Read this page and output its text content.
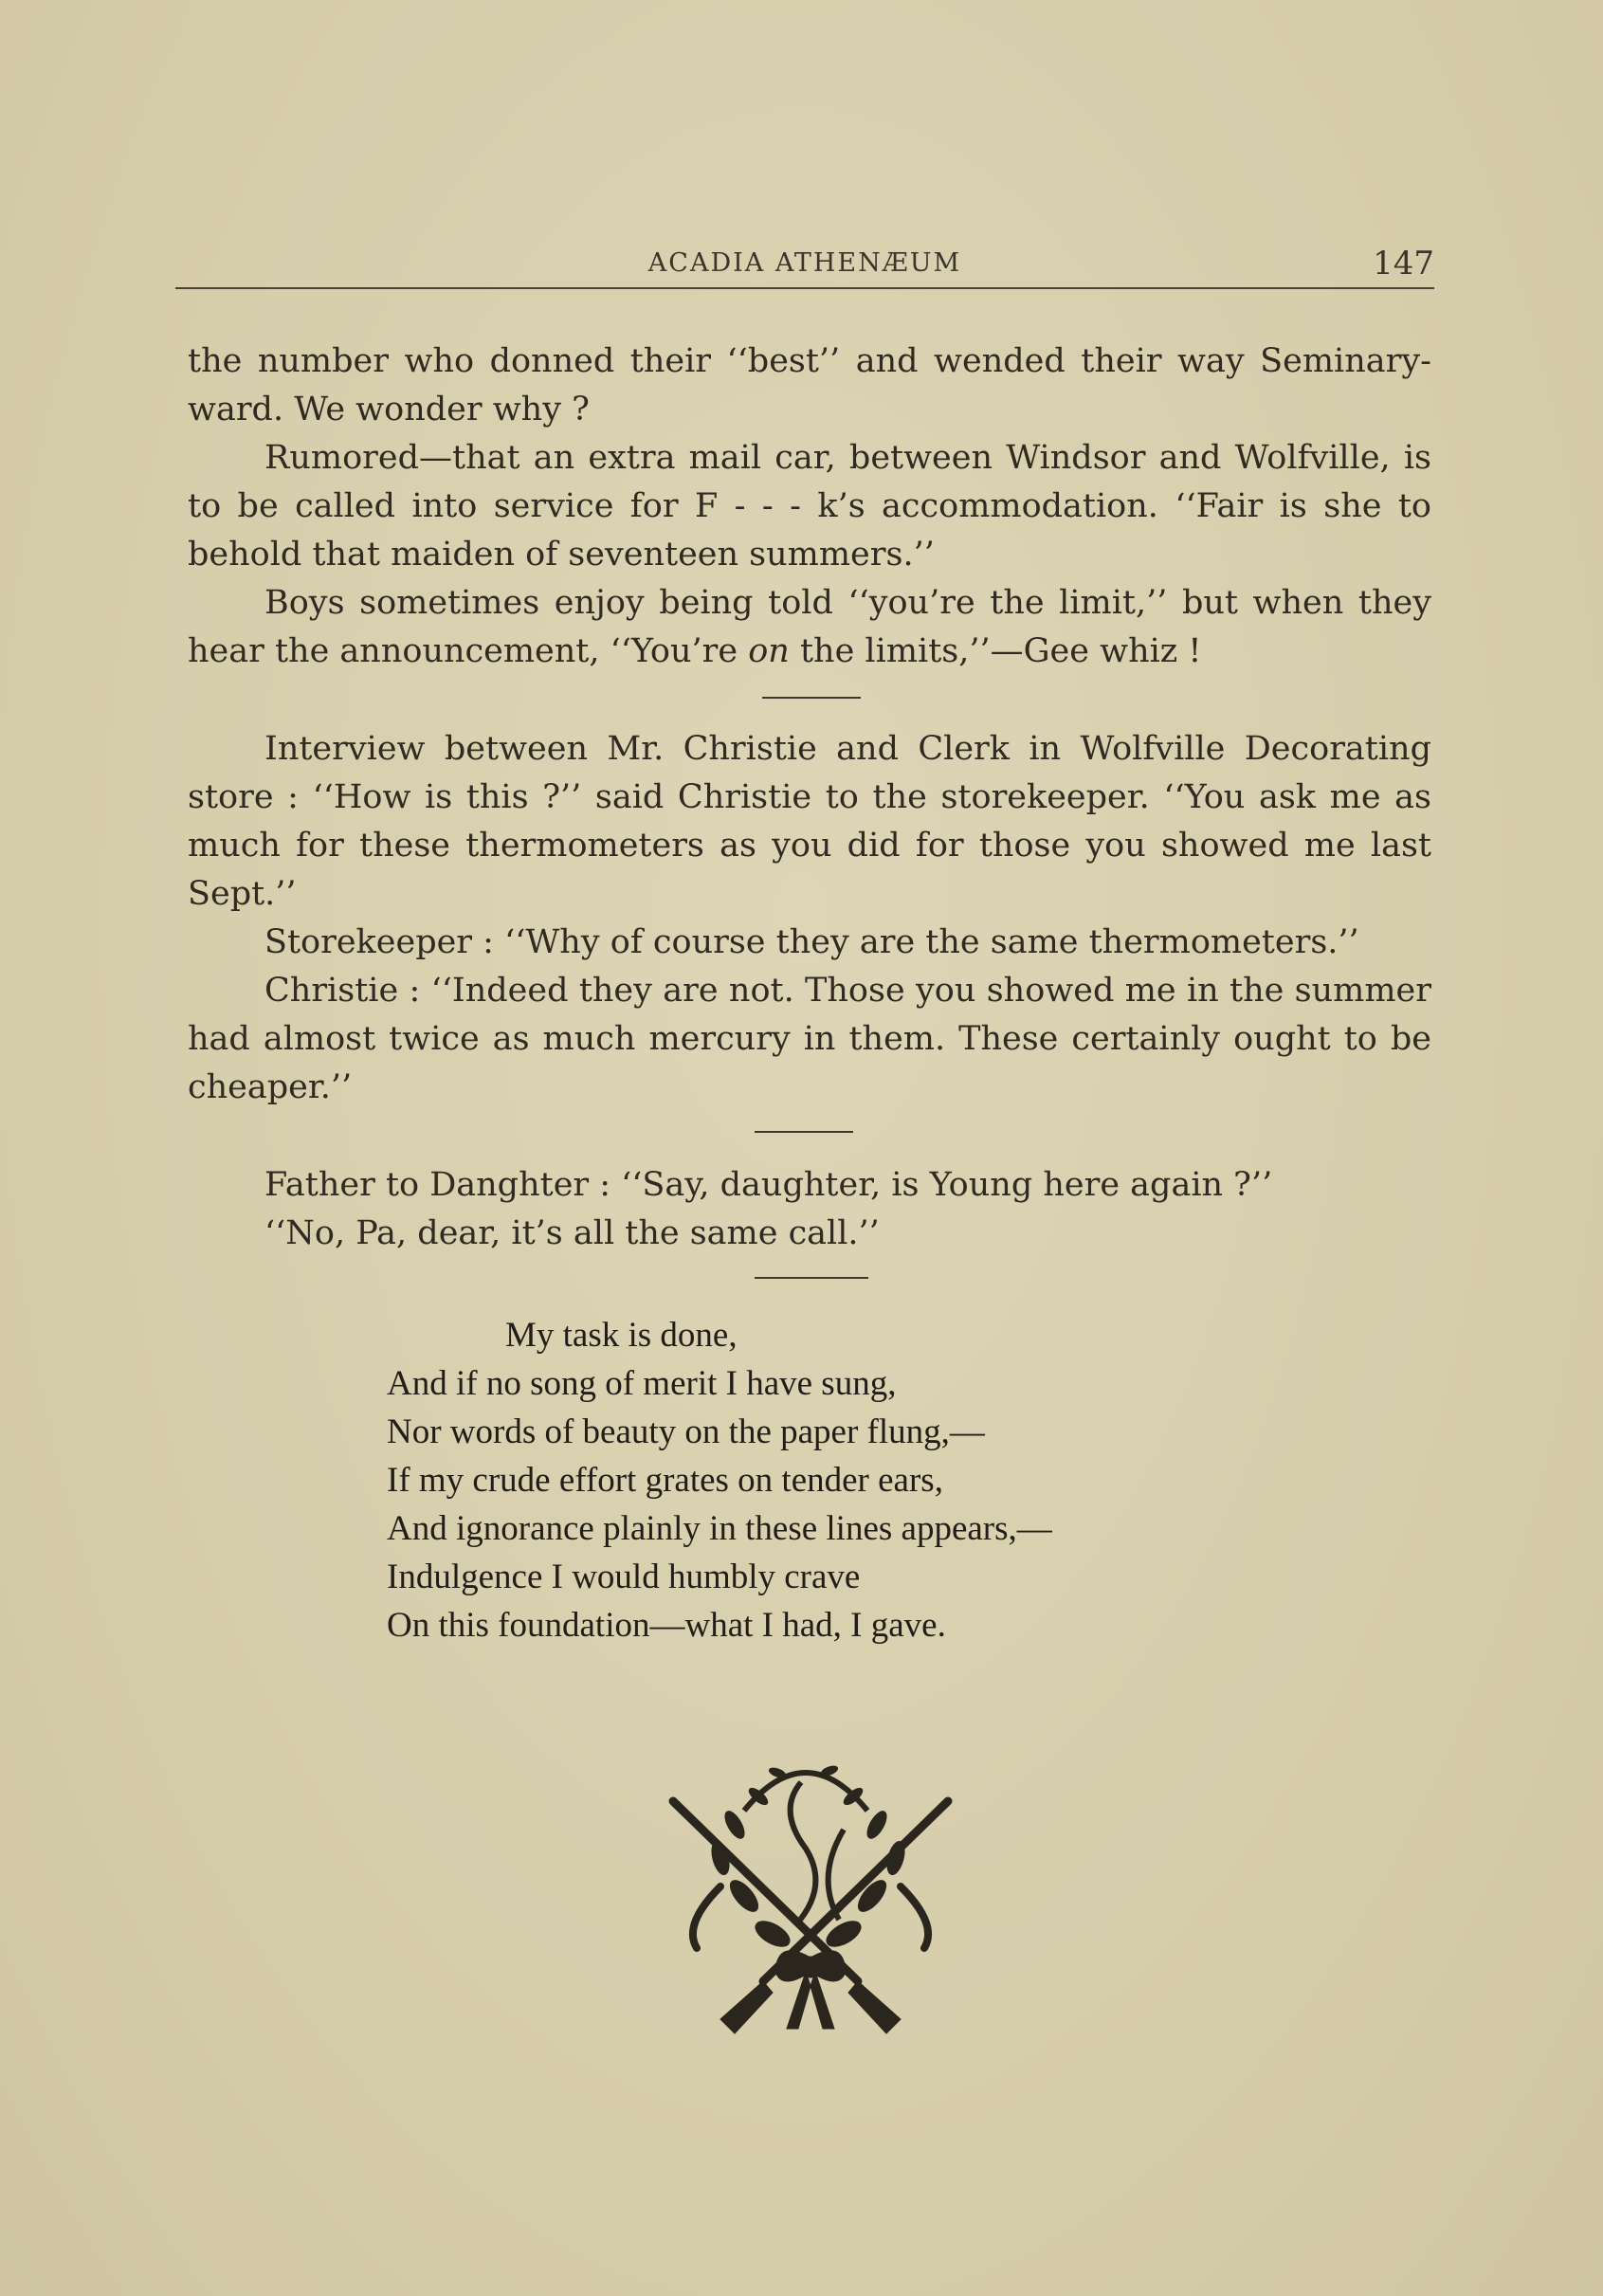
ACADIA ATHENÆUM	147

the number who donned their ‘‘best’’ and wended their way Seminary-ward. We wonder why ?

Rumored—that an extra mail car, between Windsor and Wolfville, is to be called into service for F - - - k’s accommodation. ‘‘Fair is she to behold that maiden of seventeen summers.’’

Boys sometimes enjoy being told ‘‘you’re the limit,’’ but when they hear the announcement, ‘‘You’re on the limits,’’—Gee whiz !

Interview between Mr. Christie and Clerk in Wolfville Decorating store : ‘‘How is this ?’’ said Christie to the storekeeper. ‘‘You ask me as much for these thermometers as you did for those you showed me last Sept.’’

Storekeeper : ‘‘Why of course they are the same thermometers.’’

Christie : ‘‘Indeed they are not. Those you showed me in the summer had almost twice as much mercury in them. These certainly ought to be cheaper.’’

Father to Danghter : ‘‘Say, daughter, is Young here again ?’’

‘‘No, Pa, dear, it’s all the same call.’’

My task is done,
And if no song of merit I have sung,
Nor words of beauty on the paper flung,—
If my crude effort grates on tender ears,
And ignorance plainly in these lines appears,—
Indulgence I would humbly crave
On this foundation—what I had, I gave.
